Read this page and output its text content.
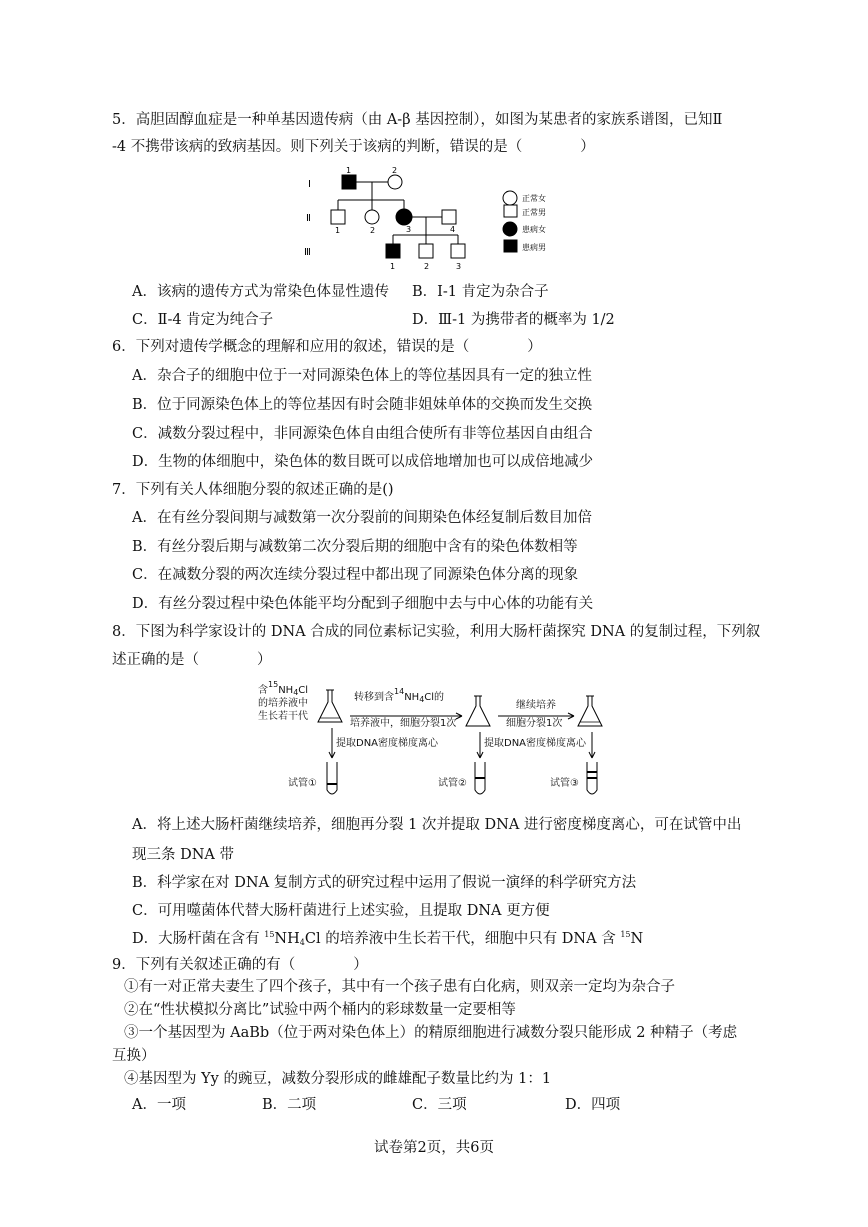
5．高胆固醇血症是一种单基因遗传病（由 A-β 基因控制），如图为某患者的家族系谱图，已知Ⅱ
-4 不携带该病的致病基因。则下列关于该病的判断，错误的是（　　　　）
Ⅰ
Ⅱ
Ⅲ
1	2
1	2	3	4
1	2	3
正常女
正常男
患病女
患病男
A．该病的遗传方式为常染色体显性遗传 B．Ⅰ-1 肯定为杂合子
C．Ⅱ-4 肯定为纯合子	D．Ⅲ-1 为携带者的概率为 1/2
6．下列对遗传学概念的理解和应用的叙述，错误的是（　　　　）
A．杂合子的细胞中位于一对同源染色体上的等位基因具有一定的独立性
B．位于同源染色体上的等位基因有时会随非姐妹单体的交换而发生交换
C．减数分裂过程中，非同源染色体自由组合使所有非等位基因自由组合
D．生物的体细胞中，染色体的数目既可以成倍地增加也可以成倍地减少
7．下列有关人体细胞分裂的叙述正确的是()
A．在有丝分裂间期与减数第一次分裂前的间期染色体经复制后数目加倍
B．有丝分裂后期与减数第二次分裂后期的细胞中含有的染色体数相等
C．在减数分裂的两次连续分裂过程中都出现了同源染色体分离的现象
D．有丝分裂过程中染色体能平均分配到子细胞中去与中心体的功能有关
8．下图为科学家设计的 DNA 合成的同位素标记实验，利用大肠杆菌探究 DNA 的复制过程，下列叙
述正确的是（　　　　）
含$^{15}NH_4Cl$
的培养液中
生长若干代
转移到含$^{14}NH_4Cl$的
培养液中，细胞分裂1次
继续培养
细胞分裂1次
提取DNA密度梯度离心	提取DNA密度梯度离心
试管①	试管②	试管③
A．将上述大肠杆菌继续培养，细胞再分裂 1 次并提取 DNA 进行密度梯度离心，可在试管中出
现三条 DNA 带
B．科学家在对 DNA 复制方式的研究过程中运用了假说一演绎的科学研究方法
C．可用噬菌体代替大肠杆菌进行上述实验，且提取 DNA 更方便
D．大肠杆菌在含有 $^{15}NH_4Cl$ 的培养液中生长若干代，细胞中只有 DNA 含 $^{15}$N
9．下列有关叙述正确的有（　　　　）
①有一对正常夫妻生了四个孩子，其中有一个孩子患有白化病，则双亲一定均为杂合子
②在“性状模拟分离比”试验中两个桶内的彩球数量一定要相等
③一个基因型为 AaBb（位于两对染色体上）的精原细胞进行减数分裂只能形成 2 种精子（考虑
互换）
④基因型为 Yy 的豌豆，减数分裂形成的雌雄配子数量比约为 1：1
A．一项	B．二项	C．三项	D．四项
试卷第2页，共6页
